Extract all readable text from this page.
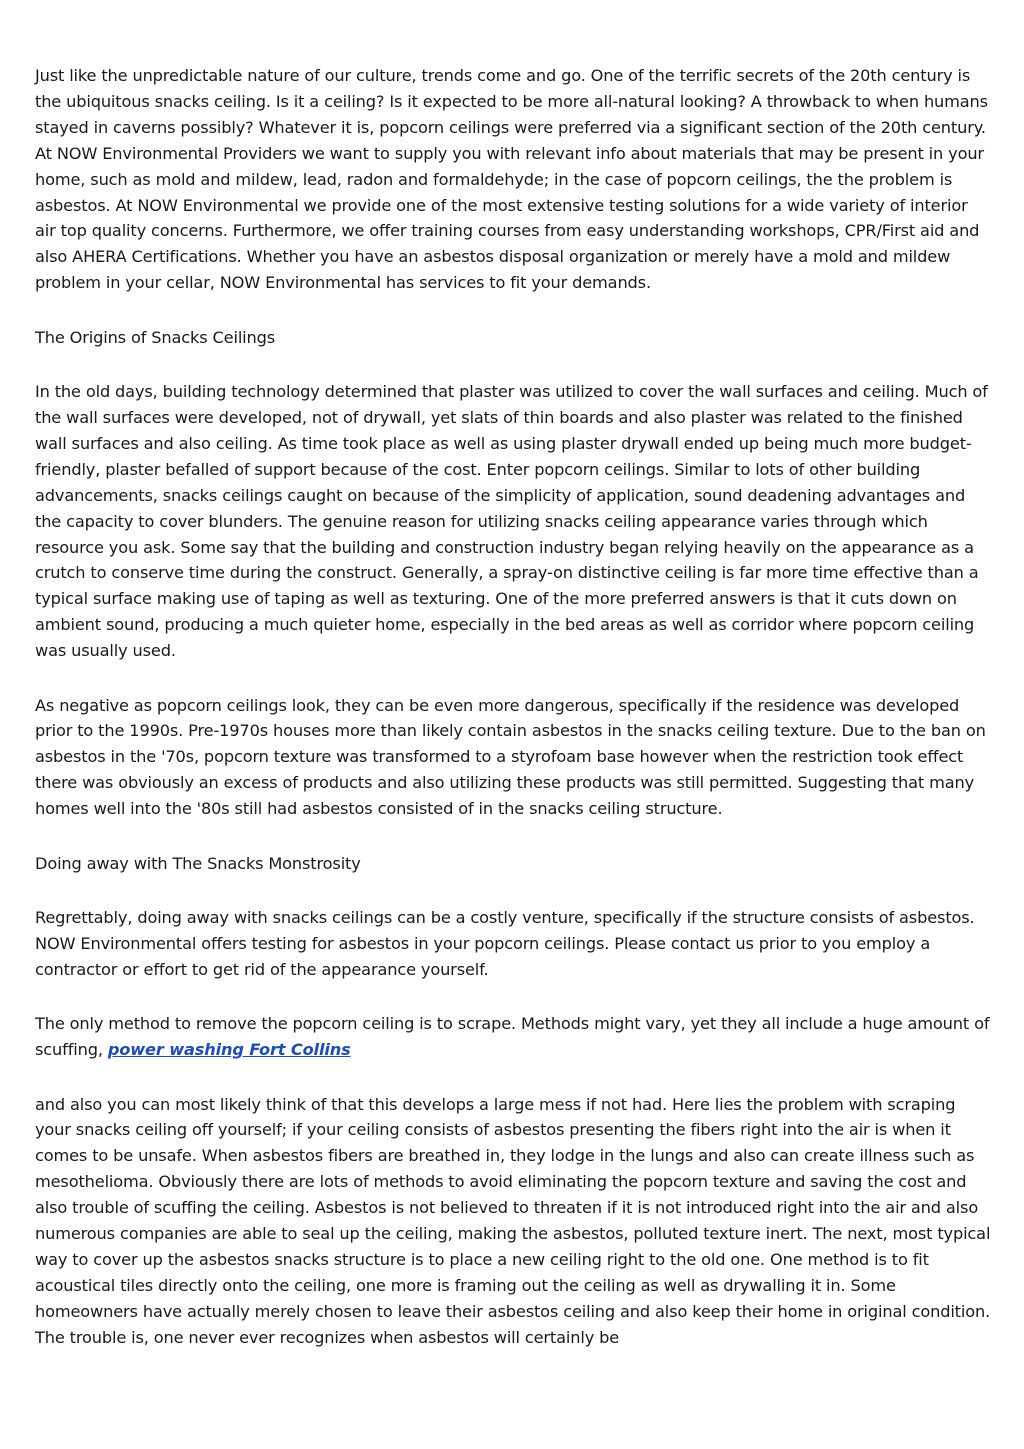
Just like the unpredictable nature of our culture, trends come and go. One of the terrific secrets of the 20th century is the ubiquitous snacks ceiling. Is it a ceiling? Is it expected to be more all-natural looking? A throwback to when humans stayed in caverns possibly? Whatever it is, popcorn ceilings were preferred via a significant section of the 20th century. At NOW Environmental Providers we want to supply you with relevant info about materials that may be present in your home, such as mold and mildew, lead, radon and formaldehyde; in the case of popcorn ceilings, the the problem is asbestos. At NOW Environmental we provide one of the most extensive testing solutions for a wide variety of interior air top quality concerns. Furthermore, we offer training courses from easy understanding workshops, CPR/First aid and also AHERA Certifications. Whether you have an asbestos disposal organization or merely have a mold and mildew problem in your cellar, NOW Environmental has services to fit your demands.

The Origins of Snacks Ceilings

In the old days, building technology determined that plaster was utilized to cover the wall surfaces and ceiling. Much of the wall surfaces were developed, not of drywall, yet slats of thin boards and also plaster was related to the finished wall surfaces and also ceiling. As time took place as well as using plaster drywall ended up being much more budget-friendly, plaster befalled of support because of the cost. Enter popcorn ceilings. Similar to lots of other building advancements, snacks ceilings caught on because of the simplicity of application, sound deadening advantages and the capacity to cover blunders. The genuine reason for utilizing snacks ceiling appearance varies through which resource you ask. Some say that the building and construction industry began relying heavily on the appearance as a crutch to conserve time during the construct. Generally, a spray-on distinctive ceiling is far more time effective than a typical surface making use of taping as well as texturing. One of the more preferred answers is that it cuts down on ambient sound, producing a much quieter home, especially in the bed areas as well as corridor where popcorn ceiling was usually used.

As negative as popcorn ceilings look, they can be even more dangerous, specifically if the residence was developed prior to the 1990s. Pre-1970s houses more than likely contain asbestos in the snacks ceiling texture. Due to the ban on asbestos in the '70s, popcorn texture was transformed to a styrofoam base however when the restriction took effect there was obviously an excess of products and also utilizing these products was still permitted. Suggesting that many homes well into the '80s still had asbestos consisted of in the snacks ceiling structure.

Doing away with The Snacks Monstrosity

Regrettably, doing away with snacks ceilings can be a costly venture, specifically if the structure consists of asbestos. NOW Environmental offers testing for asbestos in your popcorn ceilings. Please contact us prior to you employ a contractor or effort to get rid of the appearance yourself.

The only method to remove the popcorn ceiling is to scrape. Methods might vary, yet they all include a huge amount of scuffing, power washing Fort Collins

and also you can most likely think of that this develops a large mess if not had. Here lies the problem with scraping your snacks ceiling off yourself; if your ceiling consists of asbestos presenting the fibers right into the air is when it comes to be unsafe. When asbestos fibers are breathed in, they lodge in the lungs and also can create illness such as mesothelioma. Obviously there are lots of methods to avoid eliminating the popcorn texture and saving the cost and also trouble of scuffing the ceiling. Asbestos is not believed to threaten if it is not introduced right into the air and also numerous companies are able to seal up the ceiling, making the asbestos, polluted texture inert. The next, most typical way to cover up the asbestos snacks structure is to place a new ceiling right to the old one. One method is to fit acoustical tiles directly onto the ceiling, one more is framing out the ceiling as well as drywalling it in. Some homeowners have actually merely chosen to leave their asbestos ceiling and also keep their home in original condition. The trouble is, one never ever recognizes when asbestos will certainly be
